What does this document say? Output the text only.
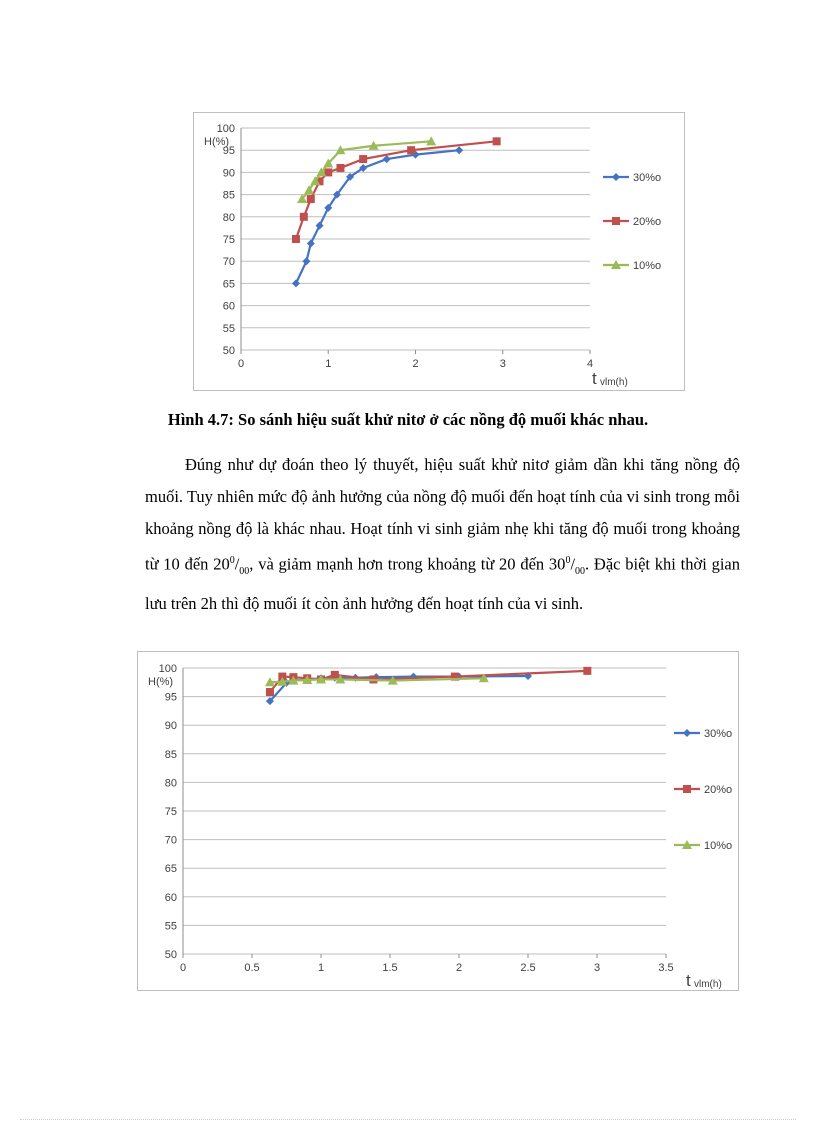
50
55
60
65
70
75
80
85
90
95
100
0	1	2	3	4
H(%)
t vlm(h)
30%o
20%o
10%o
Hình 4.7: So sánh hiệu suất khử nitơ ở các nồng độ muối khác nhau.
Đúng như dự đoán theo lý thuyết, hiệu suất khử nitơ giảm dần khi tăng nồng độ muối. Tuy nhiên mức độ ảnh hưởng của nồng độ muối đến hoạt tính của vi sinh trong mỗi khoảng nồng độ là khác nhau. Hoạt tính vi sinh giảm nhẹ khi tăng độ muối trong khoảng từ 10 đến $20^0/_{00}$, và giảm mạnh hơn trong khoảng từ 20 đến $30^0/_{00}$. Đặc biệt khi thời gian lưu trên 2h thì độ muối ít còn ảnh hưởng đến hoạt tính của vi sinh.
50
55
60
65
70
75
80
85
90
95
100
0	0.5	1	1.5	2	2.5	3	3.5
H(%)
t vlm(h)
30%o
20%o
10%o
